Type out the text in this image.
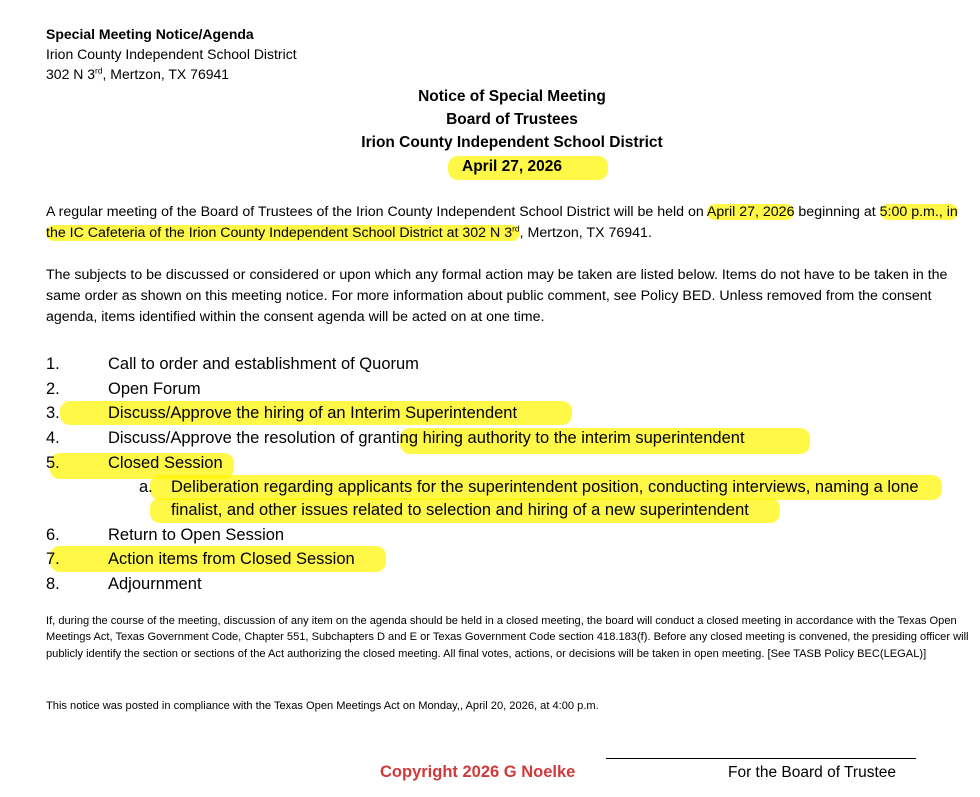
Special Meeting Notice/Agenda
Irion County Independent School District
302 N 3rd, Mertzon, TX 76941
Notice of Special Meeting
Board of Trustees
Irion County Independent School District
April 27, 2026
A regular meeting of the Board of Trustees of the Irion County Independent School District will be held on April 27, 2026 beginning at 5:00 p.m., in the IC Cafeteria of the Irion County Independent School District at 302 N 3rd, Mertzon, TX 76941.
The subjects to be discussed or considered or upon which any formal action may be taken are listed below. Items do not have to be taken in the same order as shown on this meeting notice. For more information about public comment, see Policy BED. Unless removed from the consent agenda, items identified within the consent agenda will be acted on at one time.
1.	Call to order and establishment of Quorum
2.	Open Forum
3.	Discuss/Approve the hiring of an Interim Superintendent
4.	Discuss/Approve the resolution of granting hiring authority to the interim superintendent
5.	Closed Session
a. Deliberation regarding applicants for the superintendent position, conducting interviews, naming a lone
finalist, and other issues related to selection and hiring of a new superintendent
6.	Return to Open Session
7.	Action items from Closed Session
8.	Adjournment
If, during the course of the meeting, discussion of any item on the agenda should be held in a closed meeting, the board will conduct a closed meeting in accordance with the Texas Open Meetings Act, Texas Government Code, Chapter 551, Subchapters D and E or Texas Government Code section 418.183(f). Before any closed meeting is convened, the presiding officer will publicly identify the section or sections of the Act authorizing the closed meeting. All final votes, actions, or decisions will be taken in open meeting. [See TASB Policy BEC(LEGAL)]
This notice was posted in compliance with the Texas Open Meetings Act on Monday,, April 20, 2026, at 4:00 p.m.
Copyright 2026 G Noelke	For the Board of Trustee
